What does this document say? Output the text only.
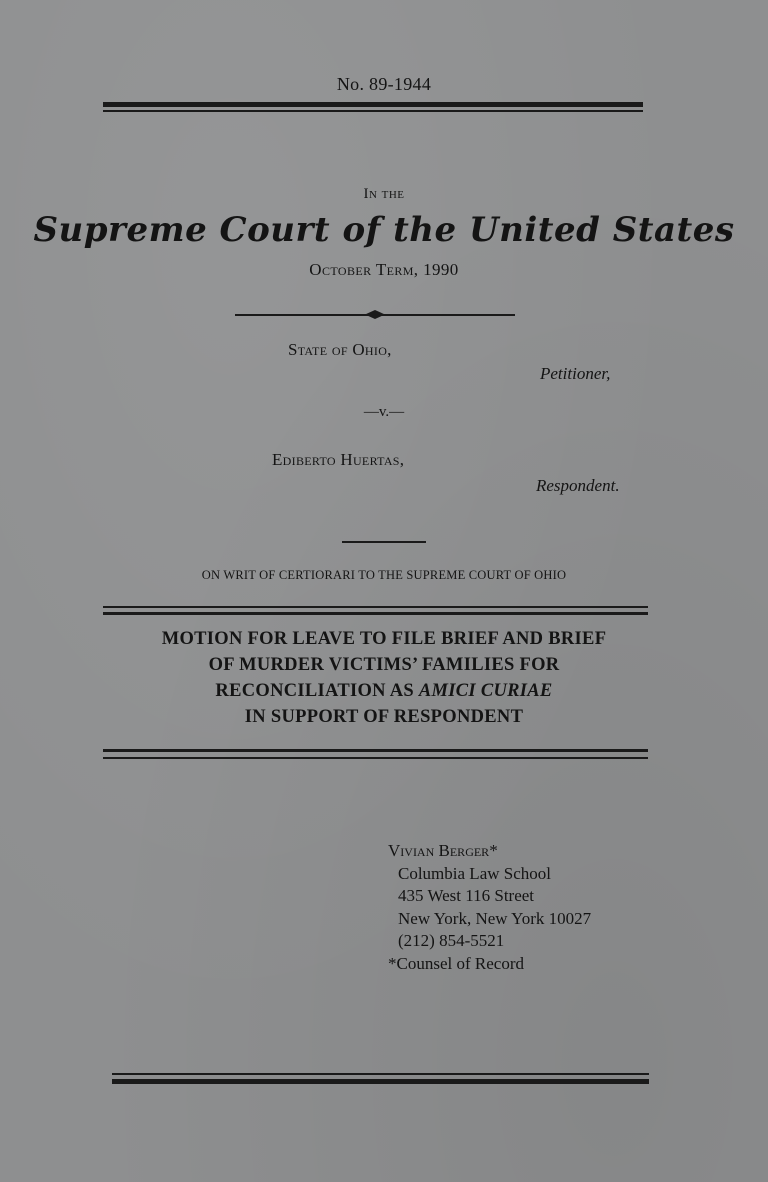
No. 89-1944
In the
Supreme Court of the United States
October Term, 1990
State of Ohio,
Petitioner,
—v.—
Ediberto Huertas,
Respondent.
ON WRIT OF CERTIORARI TO THE SUPREME COURT OF OHIO
MOTION FOR LEAVE TO FILE BRIEF AND BRIEF
OF MURDER VICTIMS’ FAMILIES FOR
RECONCILIATION AS AMICI CURIAE
IN SUPPORT OF RESPONDENT
Vivian Berger*
Columbia Law School
435 West 116 Street
New York, New York 10027
(212) 854-5521
*Counsel of Record
